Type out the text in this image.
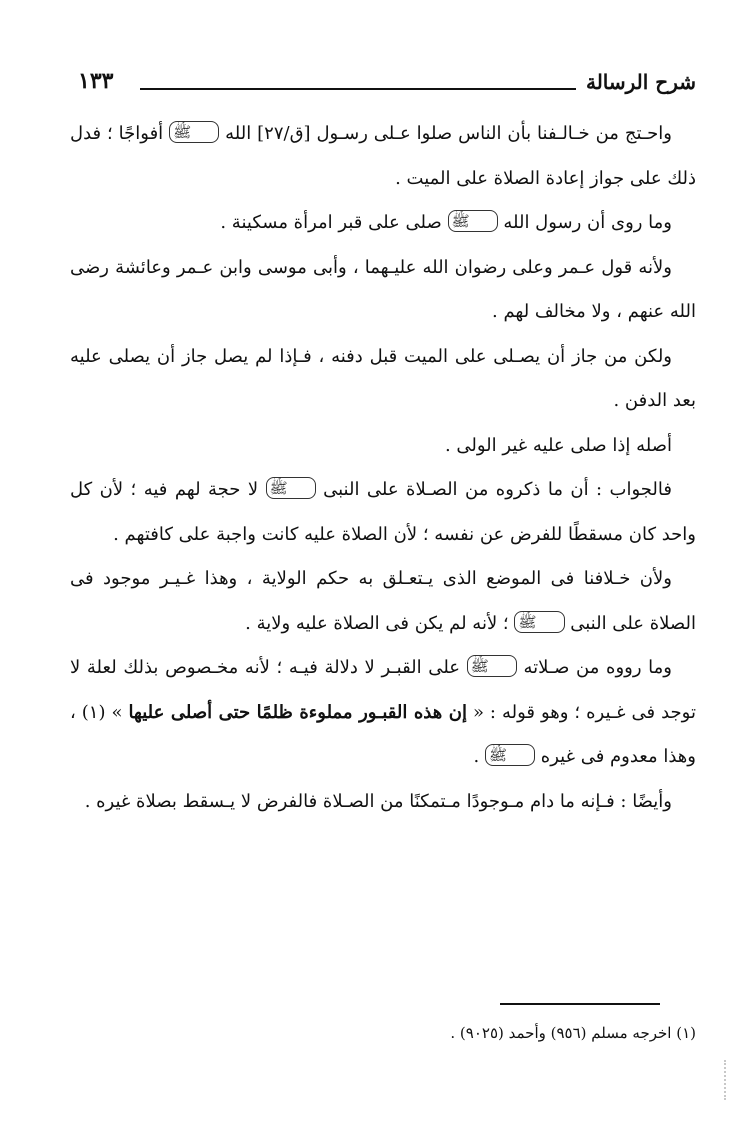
شرح الرسالة
١٣٣

واحـتج من خـالـفنا بأن الناس صلوا عـلى رسـول [ق/٢٧] الله ﷺ أفواجًا ؛ فدل ذلك على جواز إعادة الصلاة على الميت .

وما روى أن رسول الله ﷺ صلى على قبر امرأة مسكينة .

ولأنه قول عـمر وعلى رضوان الله عليـهما ، وأبى موسى وابن عـمر وعائشة رضى الله عنهم ، ولا مخالف لهم .

ولكن من جاز أن يصـلى على الميت قبل دفنه ، فـإذا لم يصل جاز أن يصلى عليه بعد الدفن .

أصله إذا صلى عليه غير الولى .

فالجواب : أن ما ذكروه من الصـلاة على النبى ﷺ لا حجة لهم فيه ؛ لأن كل واحد كان مسقطًا للفرض عن نفسه ؛ لأن الصلاة عليه كانت واجبة على كافتهم .

ولأن خـلافنا فى الموضع الذى يـتعـلق به حكم الولاية ، وهذا غـيـر موجود فى الصلاة على النبى ﷺ ؛ لأنه لم يكن فى الصلاة عليه ولاية .

وما رووه من صـلاته ﷺ على القبـر لا دلالة فيـه ؛ لأنه مخـصوص بذلك لعلة لا توجد فى غـيره ؛ وهو قوله : « إن هذه القبـور مملوءة ظلمًا حتى أصلى عليها » (١) ، وهذا معدوم فى غيره ﷺ .

وأيضًا : فـإنه ما دام مـوجودًا مـتمكنًا من الصـلاة فالفرض لا يـسقط بصلاة غيره .

(١) اخرجه مسلم (٩٥٦) وأحمد (٩٠٢٥) .
